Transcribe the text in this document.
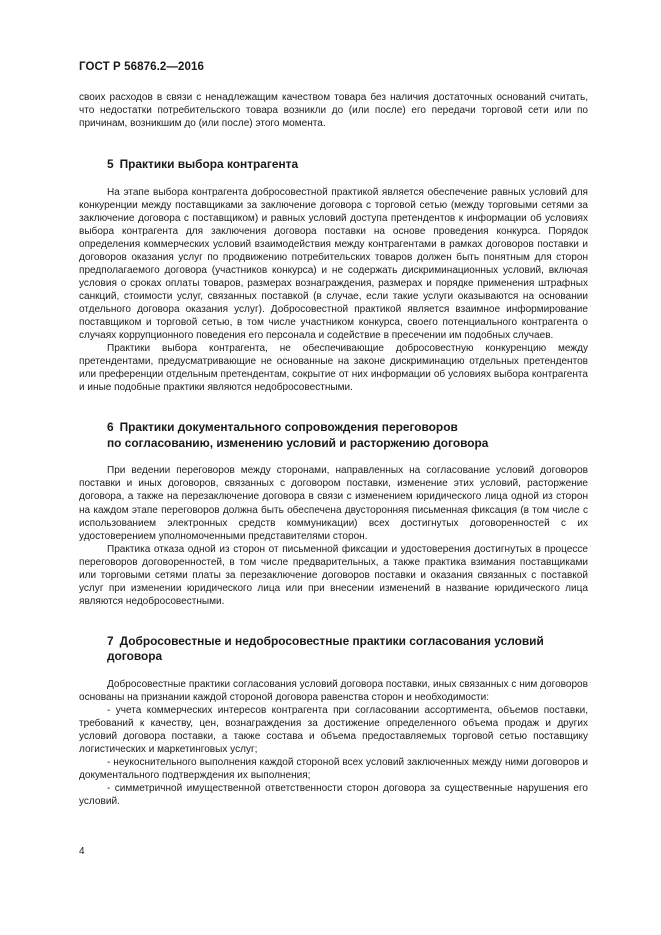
ГОСТ Р 56876.2—2016

своих расходов в связи с ненадлежащим качеством товара без наличия достаточных оснований считать, что недостатки потребительского товара возникли до (или после) его передачи торговой сети или по причинам, возникшим до (или после) этого момента.

5 Практики выбора контрагента

На этапе выбора контрагента добросовестной практикой является обеспечение равных условий для конкуренции между поставщиками за заключение договора с торговой сетью (между торговыми сетями за заключение договора с поставщиком) и равных условий доступа претендентов к информации об условиях выбора контрагента для заключения договора поставки на основе проведения конкурса. Порядок определения коммерческих условий взаимодействия между контрагентами в рамках договоров поставки и договоров оказания услуг по продвижению потребительских товаров должен быть понятным для сторон предполагаемого договора (участников конкурса) и не содержать дискриминационных условий, включая условия о сроках оплаты товаров, размерах вознаграждения, размерах и порядке применения штрафных санкций, стоимости услуг, связанных поставкой (в случае, если такие услуги оказываются на основании отдельного договора оказания услуг). Добросовестной практикой является взаимное информирование поставщиком и торговой сетью, в том числе участником конкурса, своего потенциального контрагента о случаях коррупционного поведения его персонала и содействие в пресечении им подобных случаев.

Практики выбора контрагента, не обеспечивающие добросовестную конкуренцию между претендентами, предусматривающие не основанные на законе дискриминацию отдельных претендентов или преференции отдельным претендентам, сокрытие от них информации об условиях выбора контрагента и иные подобные практики являются недобросовестными.

6 Практики документального сопровождения переговоров
по согласованию, изменению условий и расторжению договора

При ведении переговоров между сторонами, направленных на согласование условий договоров поставки и иных договоров, связанных с договором поставки, изменение этих условий, расторжение договора, а также на перезаключение договора в связи с изменением юридического лица одной из сторон на каждом этапе переговоров должна быть обеспечена двусторонняя письменная фиксация (в том числе с использованием электронных средств коммуникации) всех достигнутых договоренностей с их удостоверением уполномоченными представителями сторон.

Практика отказа одной из сторон от письменной фиксации и удостоверения достигнутых в процессе переговоров договоренностей, в том числе предварительных, а также практика взимания поставщиками или торговыми сетями платы за перезаключение договоров поставки и оказания связанных с поставкой услуг при изменении юридического лица или при внесении изменений в название юридического лица являются недобросовестными.

7 Добросовестные и недобросовестные практики согласования условий
договора

Добросовестные практики согласования условий договора поставки, иных связанных с ним договоров основаны на признании каждой стороной договора равенства сторон и необходимости:

- учета коммерческих интересов контрагента при согласовании ассортимента, объемов поставки, требований к качеству, цен, вознаграждения за достижение определенного объема продаж и других условий договора поставки, а также состава и объема предоставляемых торговой сетью поставщику логистических и маркетинговых услуг;

- неукоснительного выполнения каждой стороной всех условий заключенных между ними договоров и документального подтверждения их выполнения;

- симметричной имущественной ответственности сторон договора за существенные нарушения его условий.

4
